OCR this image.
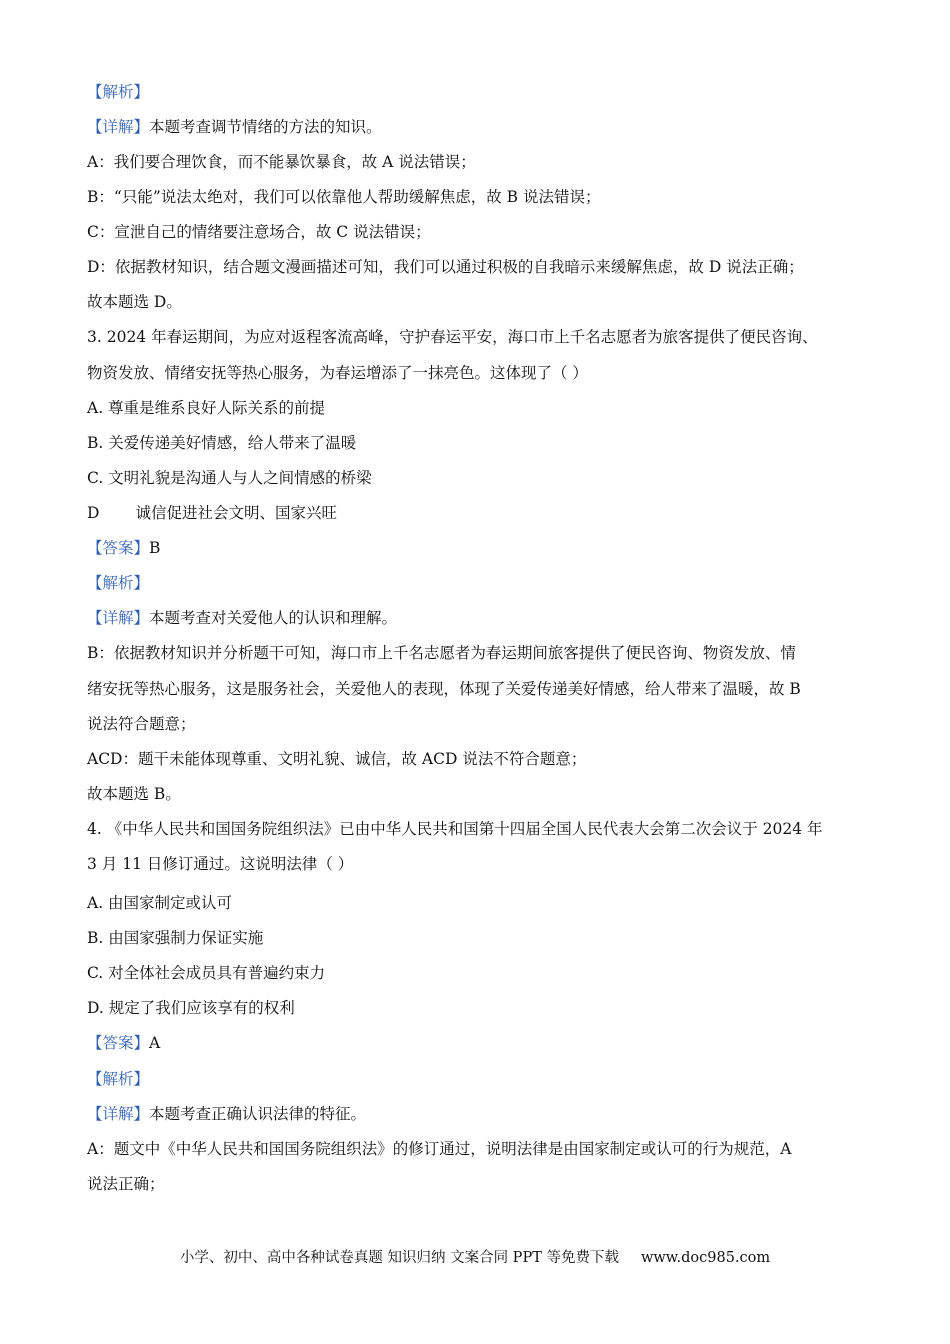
【解析】
【详解】本题考查调节情绪的方法的知识。
A：我们要合理饮食，而不能暴饮暴食，故 A 说法错误；
B：“只能”说法太绝对，我们可以依靠他人帮助缓解焦虑，故 B 说法错误；
C：宣泄自己的情绪要注意场合，故 C 说法错误；
D：依据教材知识，结合题文漫画描述可知，我们可以通过积极的自我暗示来缓解焦虑，故 D 说法正确；
故本题选 D。
3. 2024 年春运期间，为应对返程客流高峰，守护春运平安，海口市上千名志愿者为旅客提供了便民咨询、
物资发放、情绪安抚等热心服务，为春运增添了一抹亮色。这体现了（ ）
A. 尊重是维系良好人际关系的前提
B. 关爱传递美好情感，给人带来了温暖
C. 文明礼貌是沟通人与人之间情感的桥梁
D 诚信促进社会文明、国家兴旺
【答案】B
【解析】
【详解】本题考查对关爱他人的认识和理解。
B：依据教材知识并分析题干可知，海口市上千名志愿者为春运期间旅客提供了便民咨询、物资发放、情
绪安抚等热心服务，这是服务社会，关爱他人的表现，体现了关爱传递美好情感，给人带来了温暖，故 B
说法符合题意；
ACD：题干未能体现尊重、文明礼貌、诚信，故 ACD 说法不符合题意；
故本题选 B。
4. 《中华人民共和国国务院组织法》已由中华人民共和国第十四届全国人民代表大会第二次会议于 2024 年
3 月 11 日修订通过。这说明法律（ ）
A. 由国家制定或认可
B. 由国家强制力保证实施
C. 对全体社会成员具有普遍约束力
D. 规定了我们应该享有的权利
【答案】A
【解析】
【详解】本题考查正确认识法律的特征。
A：题文中《中华人民共和国国务院组织法》的修订通过，说明法律是由国家制定或认可的行为规范，A
说法正确；
小学、初中、高中各种试卷真题 知识归纳 文案合同 PPT 等免费下载 www.doc985.com
